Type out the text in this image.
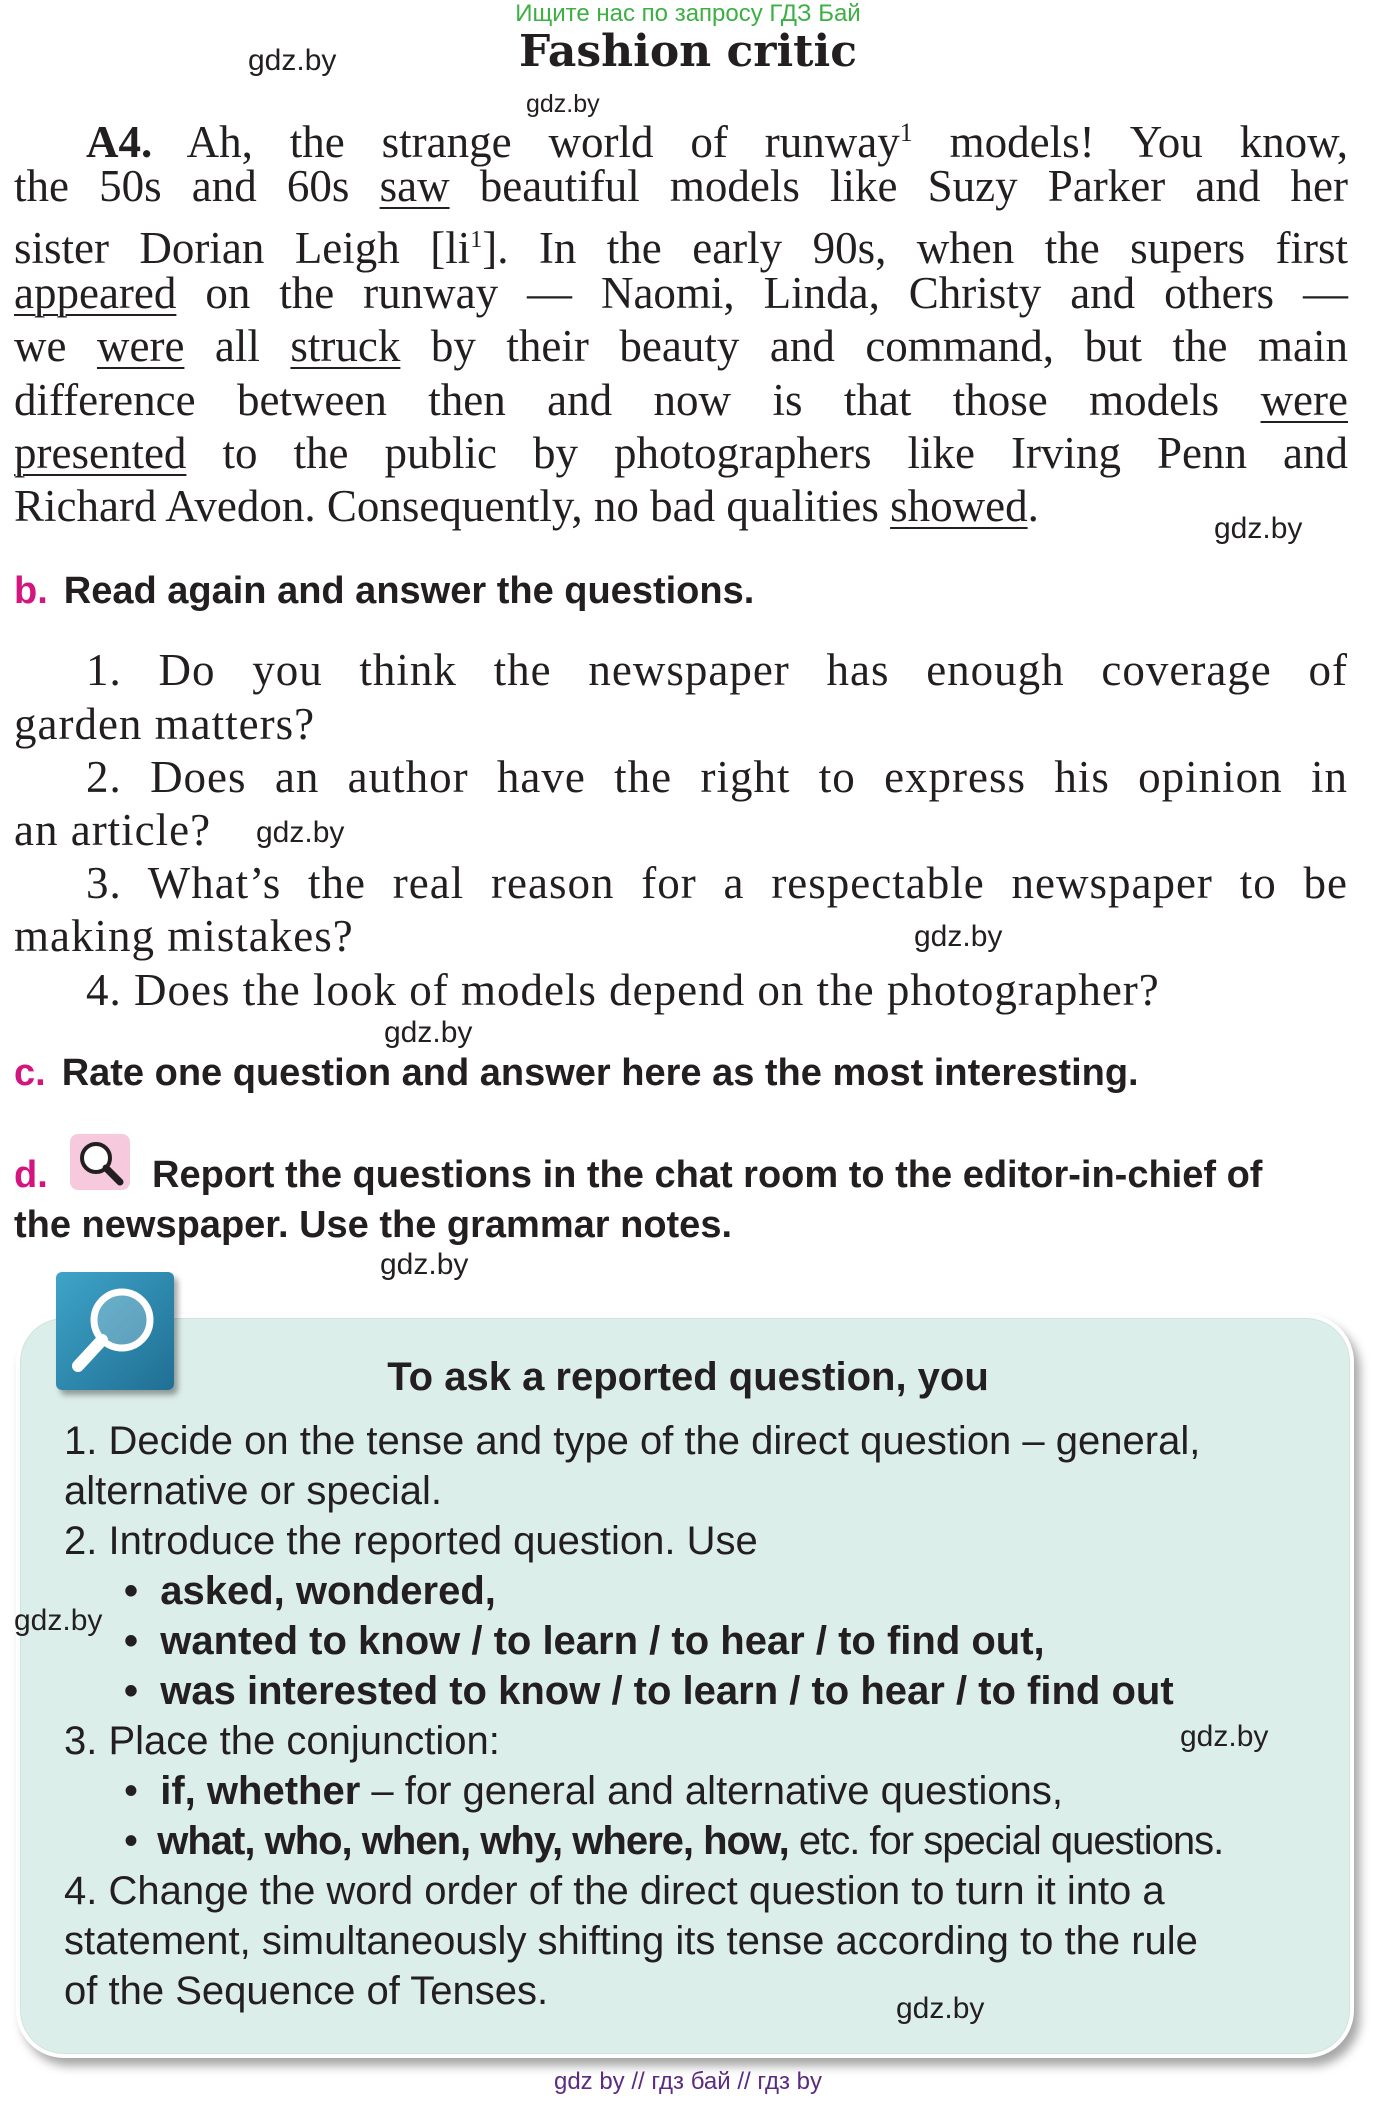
Ищите нас по запросу ГДЗ Бай
Fashion critic
gdz.by
gdz.by
gdz.by
gdz.by
gdz.by
gdz.by
gdz.by
gdz.by
gdz.by
gdz.by
A4. Ah, the strange world of runway$^1$ models! You know,
the 50s and 60s saw beautiful models like Suzy Parker and her
sister Dorian Leigh $[li^1]$. In the early 90s, when the supers first
appeared on the runway — Naomi, Linda, Christy and others —
we were all struck by their beauty and command, but the main
difference between then and now is that those models were
presented to the public by photographers like Irving Penn and
Richard Avedon. Consequently, no bad qualities showed.
b. Read again and answer the questions.
1. Do you think the newspaper has enough coverage of
garden matters?
2. Does an author have the right to express his opinion in
an article?
3. What’s the real reason for a respectable newspaper to be
making mistakes?
4. Does the look of models depend on the photographer?
c. Rate one question and answer here as the most interesting.
d.	Report the questions in the chat room to the editor-in-chief of
the newspaper. Use the grammar notes.
To ask a reported question, you
1. Decide on the tense and type of the direct question – general,
alternative or special.
2. Introduce the reported question. Use
•  asked, wondered,
•  wanted to know / to learn / to hear / to find out,
•  was interested to know / to learn / to hear / to find out
3. Place the conjunction:
•  if, whether – for general and alternative questions,
•  what, who, when, why, where, how, etc. for special questions.
4. Change the word order of the direct question to turn it into a
statement, simultaneously shifting its tense according to the rule
of the Sequence of Tenses.
gdz by // гдз бай // гдз by
